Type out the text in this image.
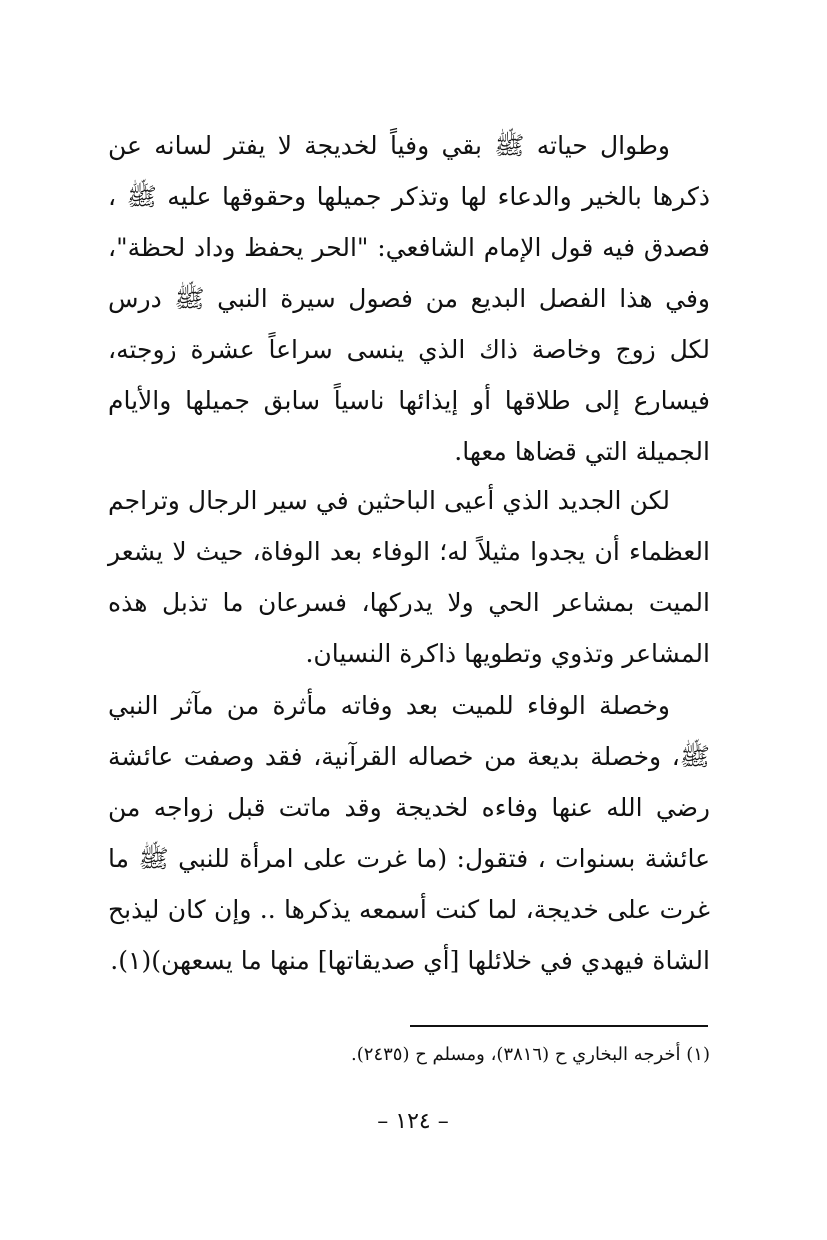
وطوال حياته ﷺ بقي وفياً لخديجة لا يفتر لسانه عن ذكرها بالخير والدعاء لها وتذكر جميلها وحقوقها عليه ﷺ ، فصدق فيه قول الإمام الشافعي: "الحر يحفظ وداد لحظة"، وفي هذا الفصل البديع من فصول سيرة النبي ﷺ درس لكل زوج وخاصة ذاك الذي ينسى سراعاً عشرة زوجته، فيسارع إلى طلاقها أو إيذائها ناسياً سابق جميلها والأيام الجميلة التي قضاها معها.

لكن الجديد الذي أعيى الباحثين في سير الرجال وتراجم العظماء أن يجدوا مثيلاً له؛ الوفاء بعد الوفاة، حيث لا يشعر الميت بمشاعر الحي ولا يدركها، فسرعان ما تذبل هذه المشاعر وتذوي وتطويها ذاكرة النسيان.

وخصلة الوفاء للميت بعد وفاته مأثرة من مآثر النبي ﷺ، وخصلة بديعة من خصاله القرآنية، فقد وصفت عائشة رضي الله عنها وفاءه لخديجة وقد ماتت قبل زواجه من عائشة بسنوات ، فتقول: (ما غرت على امرأة للنبي ﷺ ما غرت على خديجة، لما كنت أسمعه يذكرها .. وإن كان ليذبح الشاة فيهدي في خلائلها [أي صديقاتها] منها ما يسعهن)(١).

(١) أخرجه البخاري ح (٣٨١٦)، ومسلم ح (٢٤٣٥).
– ١٢٤ –
